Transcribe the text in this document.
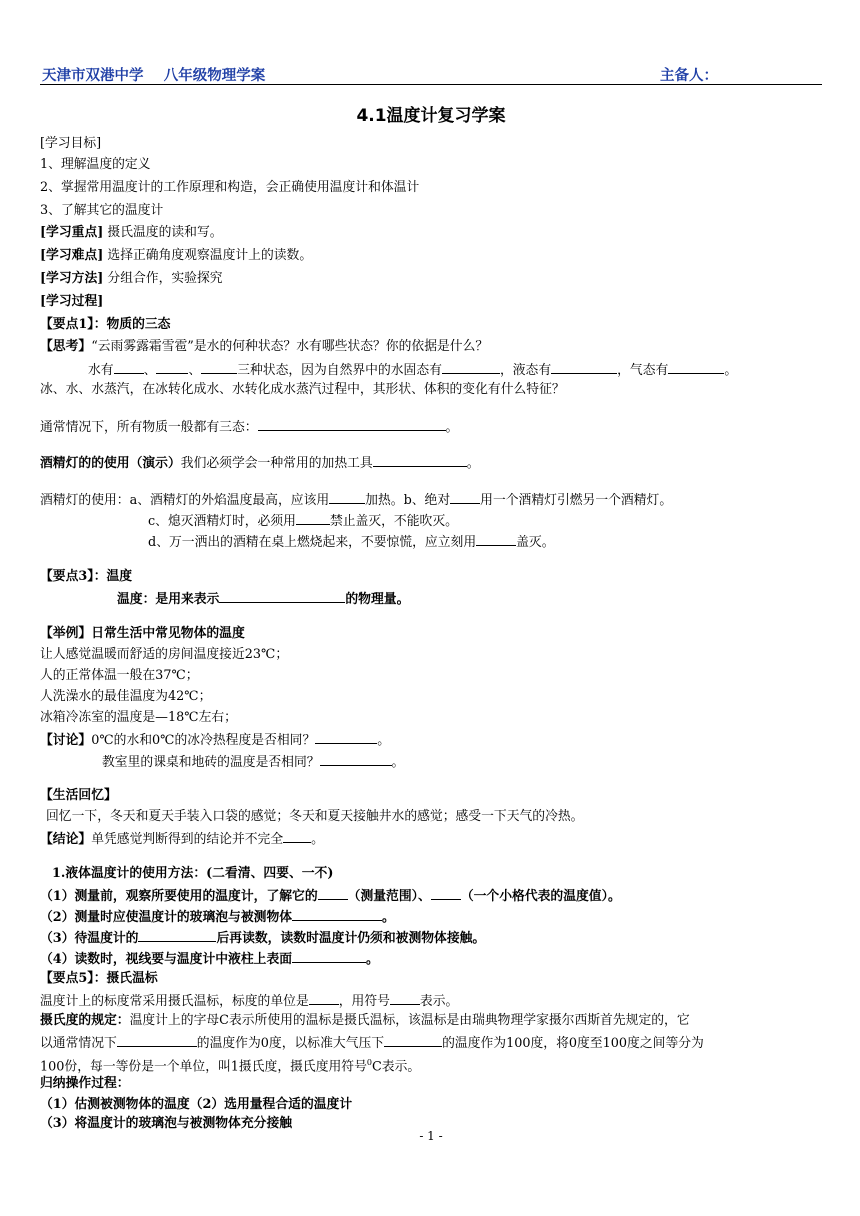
天津市双港中学    八年级物理学案	主备人：
4.1温度计复习学案
[学习目标]
1、理解温度的定义
2、掌握常用温度计的工作原理和构造，会正确使用温度计和体温计
3、了解其它的温度计
[学习重点] 摄氏温度的读和写。
[学习难点] 选择正确角度观察温度计上的读数。
[学习方法] 分组合作，实验探究
[学习过程]
【要点1】：物质的三态
【思考】“云雨雾露霜雪雹”是水的何种状态？水有哪些状态？你的依据是什么？
水有 、	、	三种状态，因为自然界中的水固态有	，液态有	，气态有	。
冰、水、水蒸汽，在冰转化成水、水转化成水蒸汽过程中，其形状、体积的变化有什么特征？
通常情况下，所有物质一般都有三态：	。
酒精灯的的使用（演示）我们必须学会一种常用的加热工具	。
酒精灯的使用：a、酒精灯的外焰温度最高，应该用	加热。b、绝对 用一个酒精灯引燃另一个酒精灯。
c、熄灭酒精灯时，必须用	禁止盖灭，不能吹灭。
d、万一洒出的酒精在桌上燃烧起来，不要惊慌，应立刻用	盖灭。
【要点3】：温度
温度：是用来表示	的物理量。
【举例】日常生活中常见物体的温度
让人感觉温暖而舒适的房间温度接近23℃；
人的正常体温一般在37℃；
人洗澡水的最佳温度为42℃；
冰箱冷冻室的温度是—18℃左右；
【讨论】0℃的水和0℃的冰冷热程度是否相同？	。
教室里的课桌和地砖的温度是否相同？	。
【生活回忆】
回忆一下，冬天和夏天手装入口袋的感觉；冬天和夏天接触井水的感觉；感受一下天气的冷热。
【结论】单凭感觉判断得到的结论并不完全 。
1.液体温度计的使用方法：(二看清、四要、一不)
（1）测量前，观察所要使用的温度计，了解它的 （测量范围）、 （一个小格代表的温度值）。
（2）测量时应使温度计的玻璃泡与被测物体	。
（3）待温度计的	后再读数，读数时温度计仍须和被测物体接触。
（4）读数时，视线要与温度计中液柱上表面	。
【要点5】：摄氏温标
温度计上的标度常采用摄氏温标，标度的单位是 ，用符号 表示。
摄氏度的规定：温度计上的字母C表示所使用的温标是摄氏温标，该温标是由瑞典物理学家摄尔西斯首先规定的，它
以通常情况下	的温度作为0度，以标准大气压下	的温度作为100度，将0度至100度之间等分为
100份，每一等份是一个单位，叫1摄氏度，摄氏度用符号$^0$C表示。
归纳操作过程：
（1）估测被测物体的温度（2）选用量程合适的温度计
（3）将温度计的玻璃泡与被测物体充分接触
- 1 -
